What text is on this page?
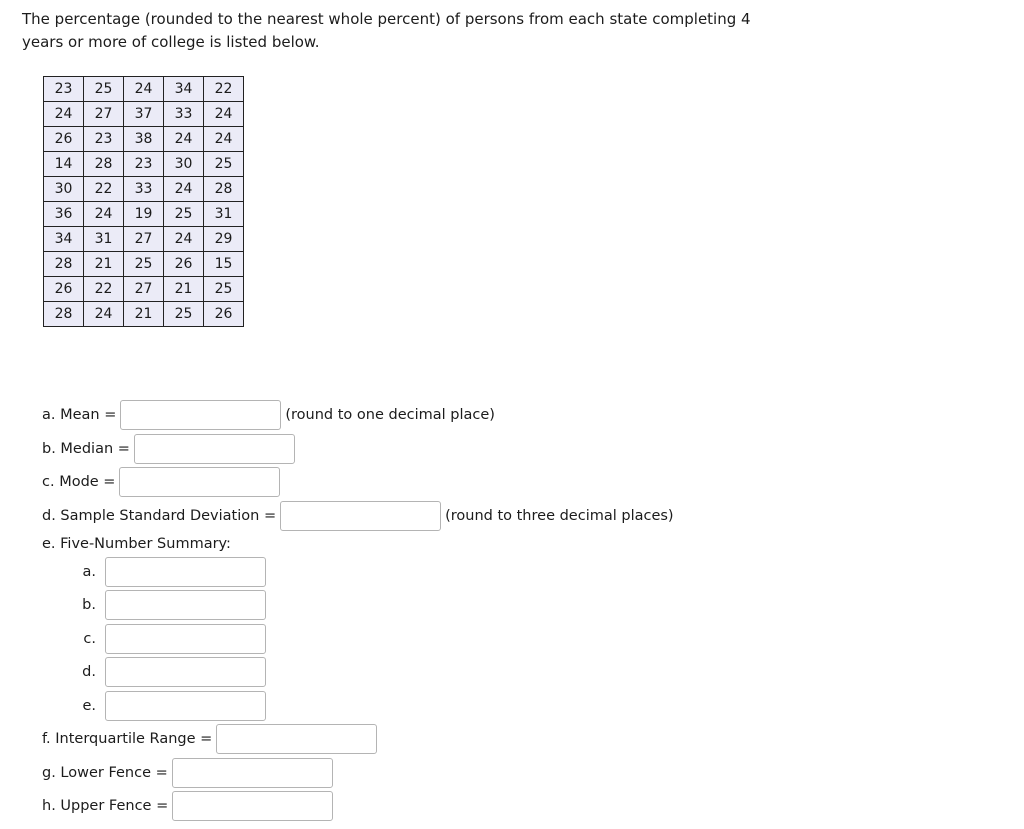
The percentage (rounded to the nearest whole percent) of persons from each state completing 4 years or more of college is listed below.

23	25	24	34	22
24	27	37	33	24
26	23	38	24	24
14	28	23	30	25
30	22	33	24	28
36	24	19	25	31
34	31	27	24	29
28	21	25	26	15
26	22	27	21	25
28	24	21	25	26
a. Mean =	(round to one decimal place)
b. Median =
c. Mode =
d. Sample Standard Deviation =	(round to three decimal places)
e. Five-Number Summary:
a.
b.
c.
d.
e.
f. Interquartile Range =
g. Lower Fence =
h. Upper Fence =
